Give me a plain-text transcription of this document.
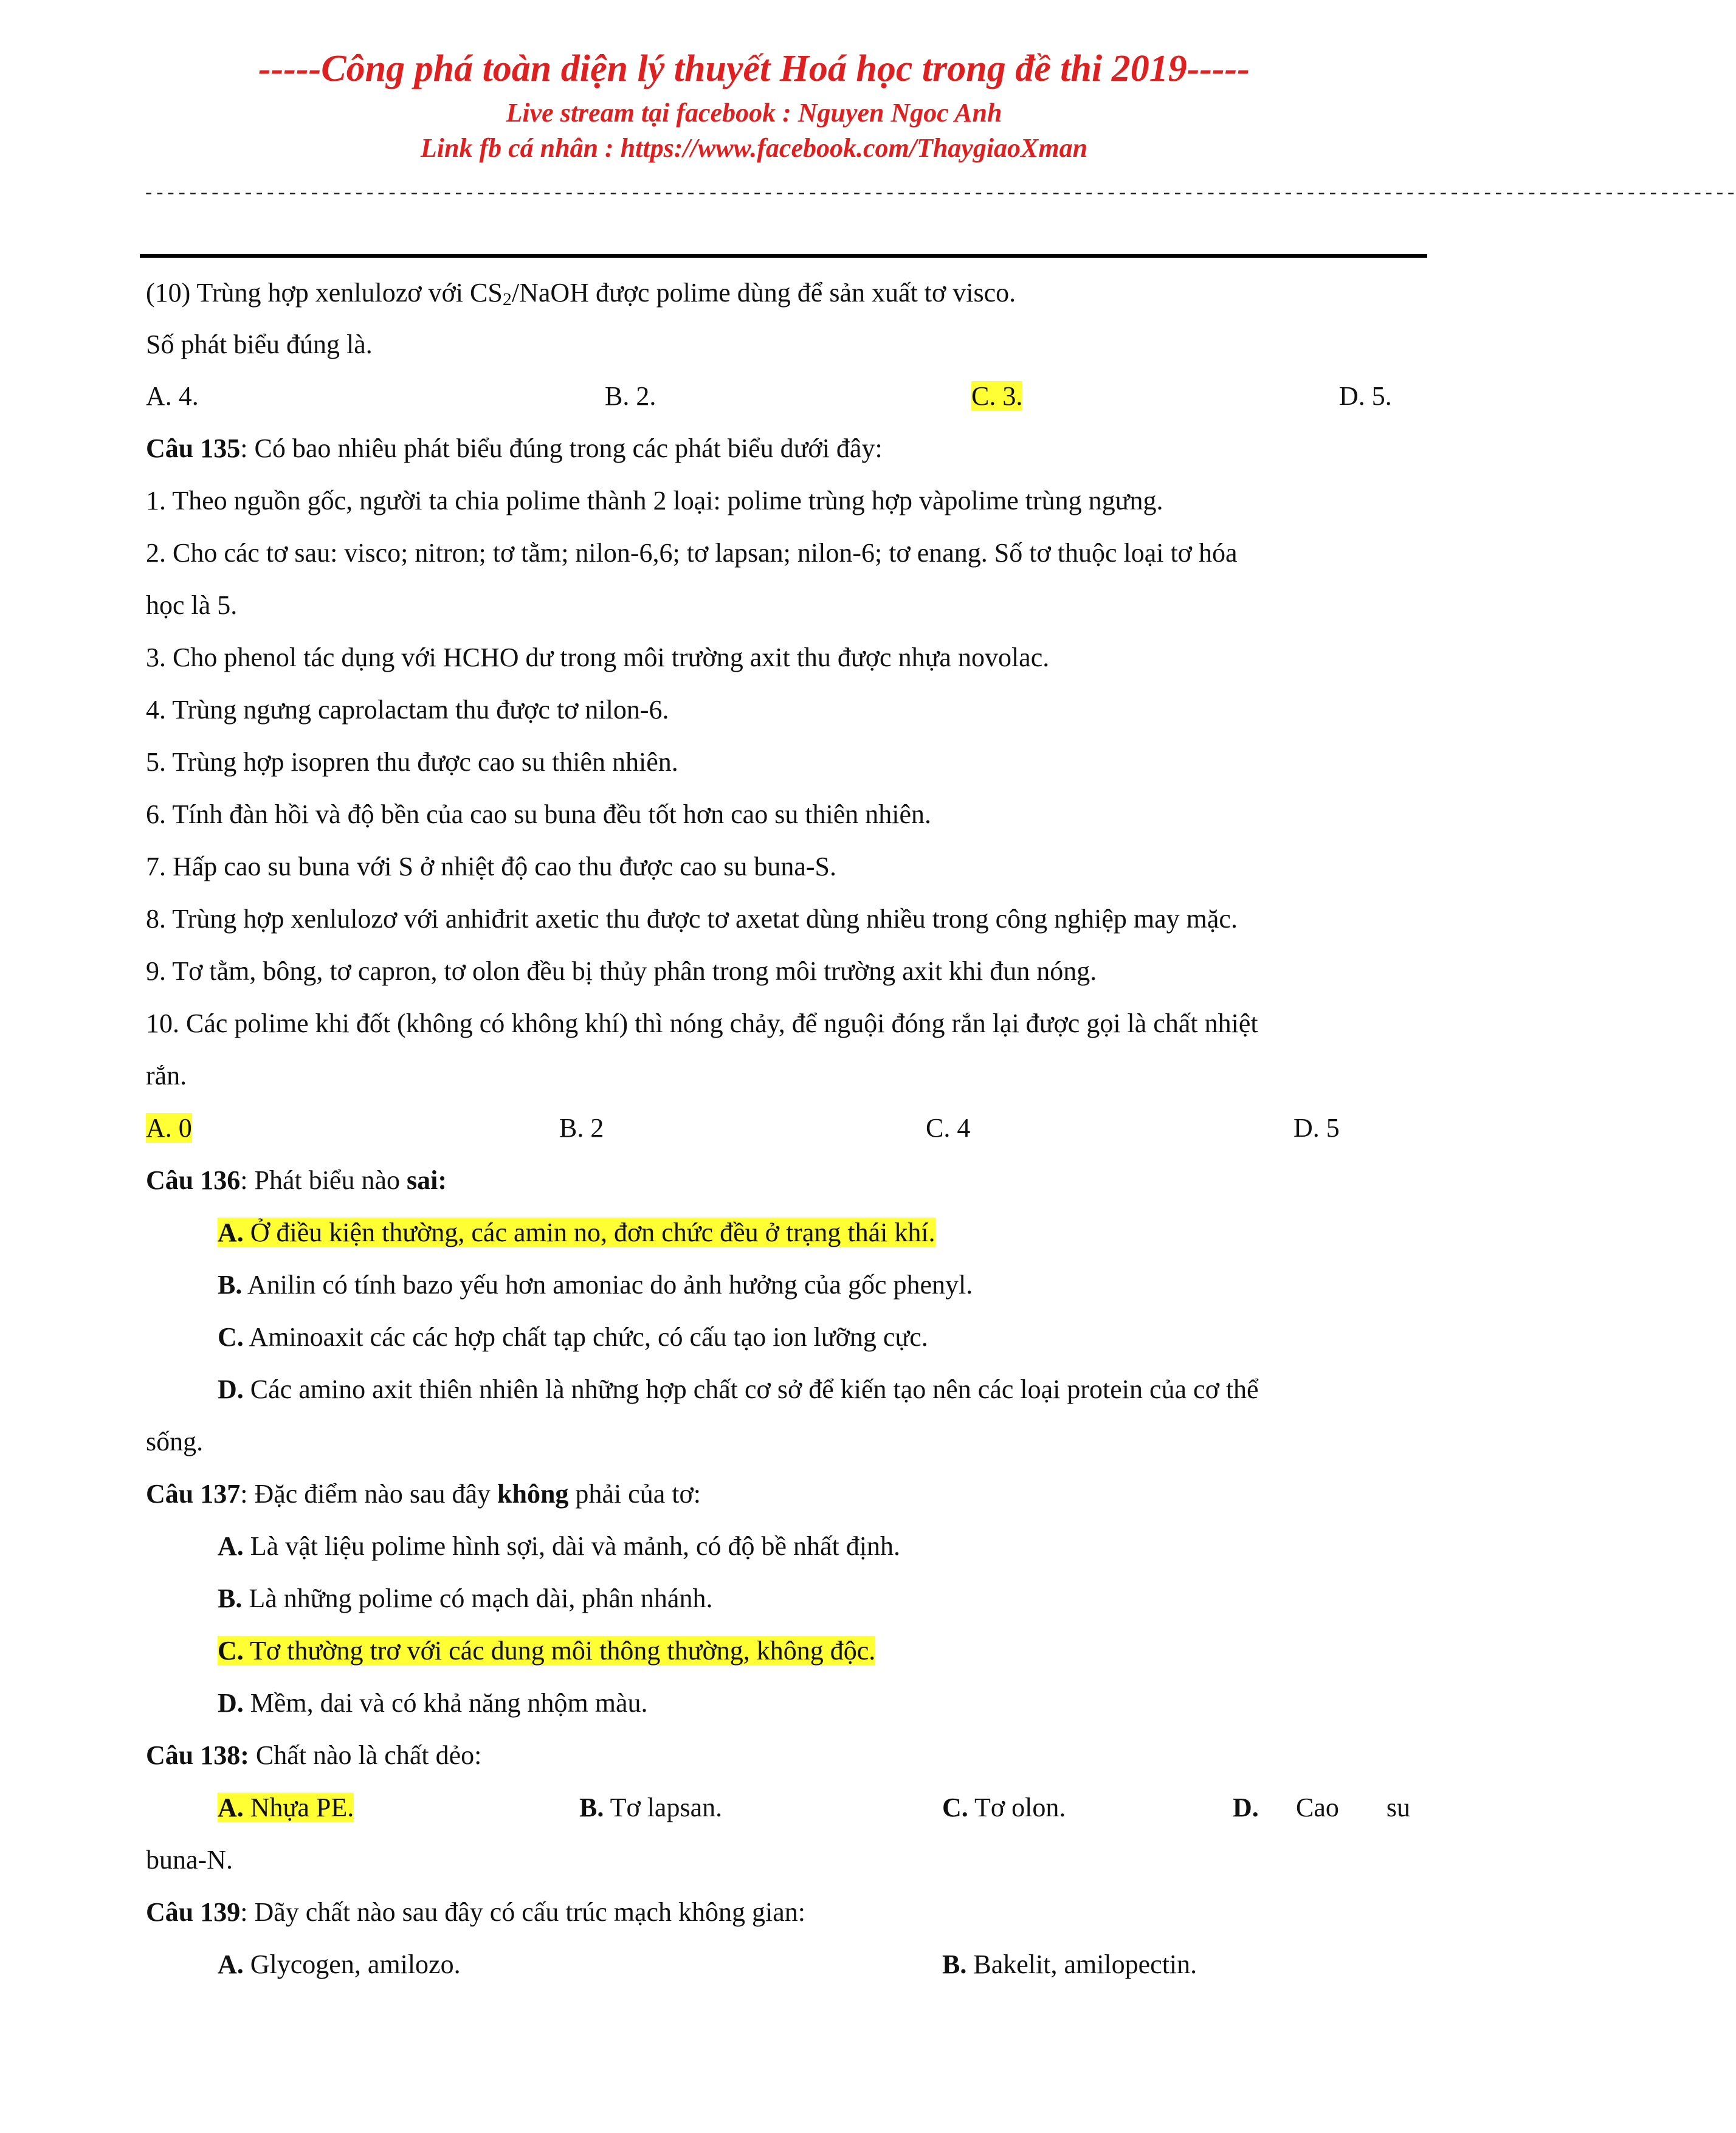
-----Công phá toàn diện lý thuyết Hoá học trong đề thi 2019-----
Live stream tại facebook : Nguyen Ngoc Anh
Link fb cá nhân : https://www.facebook.com/ThaygiaoXman
------------------------------------------------------------------------------------------------------------------------------------------------
(10) Trùng hợp xenlulozơ với $CS_2$/NaOH được polime dùng để sản xuất tơ visco.
Số phát biểu đúng là.
A. 4.	B. 2.	C. 3.	D. 5.
Câu 135: Có bao nhiêu phát biểu đúng trong các phát biểu dưới đây:
1. Theo nguồn gốc, người ta chia polime thành 2 loại: polime trùng hợp vàpolime trùng ngưng.
2. Cho các tơ sau: visco; nitron; tơ tằm; nilon-6,6; tơ lapsan; nilon-6; tơ enang. Số tơ thuộc loại tơ hóa
học là 5.
3. Cho phenol tác dụng với HCHO dư trong môi trường axit thu được nhựa novolac.
4. Trùng ngưng caprolactam thu được tơ nilon-6.
5. Trùng hợp isopren thu được cao su thiên nhiên.
6. Tính đàn hồi và độ bền của cao su buna đều tốt hơn cao su thiên nhiên.
7. Hấp cao su buna với S ở nhiệt độ cao thu được cao su buna-S.
8. Trùng hợp xenlulozơ với anhiđrit axetic thu được tơ axetat dùng nhiều trong công nghiệp may mặc.
9. Tơ tằm, bông, tơ capron, tơ olon đều bị thủy phân trong môi trường axit khi đun nóng.
10. Các polime khi đốt (không có không khí) thì nóng chảy, để nguội đóng rắn lại được gọi là chất nhiệt
rắn.
A. 0	B. 2	C. 4	D. 5
Câu 136: Phát biểu nào sai:
A. Ở điều kiện thường, các amin no, đơn chức đều ở trạng thái khí.
B. Anilin có tính bazo yếu hơn amoniac do ảnh hưởng của gốc phenyl.
C. Aminoaxit các các hợp chất tạp chức, có cấu tạo ion lưỡng cực.
D. Các amino axit thiên nhiên là những hợp chất cơ sở để kiến tạo nên các loại protein của cơ thể
sống.
Câu 137: Đặc điểm nào sau đây không phải của tơ:
A. Là vật liệu polime hình sợi, dài và mảnh, có độ bề nhất định.
B. Là những polime có mạch dài, phân nhánh.
C. Tơ thường trơ với các dung môi thông thường, không độc.
D. Mềm, dai và có khả năng nhộm màu.
Câu 138: Chất nào là chất dẻo:
A. Nhựa PE.	B. Tơ lapsan.	C. Tơ olon.	D. Cao su
buna-N.
Câu 139: Dãy chất nào sau đây có cấu trúc mạch không gian:
A. Glycogen, amilozo.	B. Bakelit, amilopectin.
